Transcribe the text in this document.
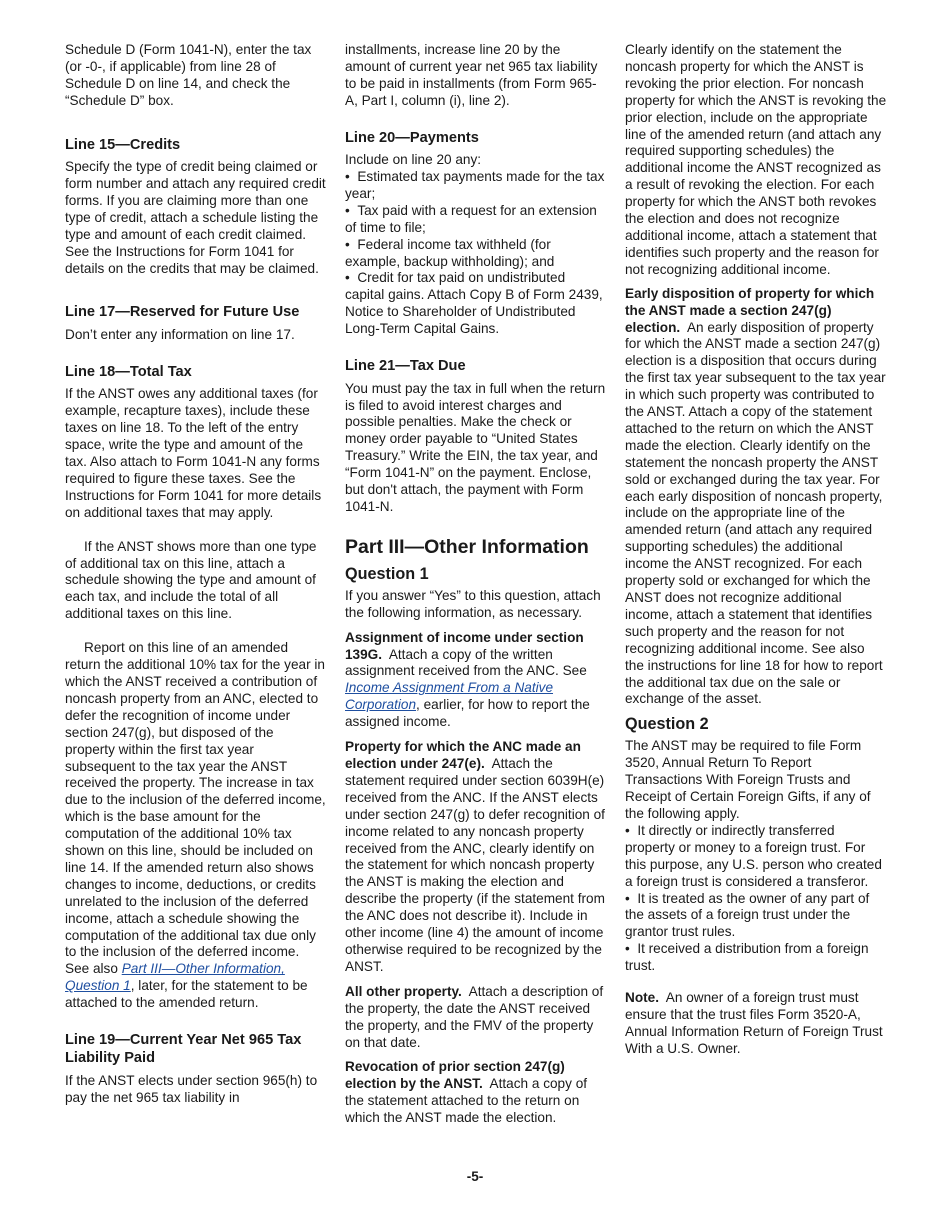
Schedule D (Form 1041-N), enter the tax (or -0-, if applicable) from line 28 of Schedule D on line 14, and check the “Schedule D” box.

Line 15—Credits

Specify the type of credit being claimed or form number and attach any required credit forms. If you are claiming more than one type of credit, attach a schedule listing the type and amount of each credit claimed. See the Instructions for Form 1041 for details on the credits that may be claimed.

Line 17—Reserved for Future Use

Don’t enter any information on line 17.

Line 18—Total Tax

If the ANST owes any additional taxes (for example, recapture taxes), include these taxes on line 18. To the left of the entry space, write the type and amount of the tax. Also attach to Form 1041-N any forms required to figure these taxes. See the Instructions for Form 1041 for more details on additional taxes that may apply.

If the ANST shows more than one type of additional tax on this line, attach a schedule showing the type and amount of each tax, and include the total of all additional taxes on this line.

Report on this line of an amended return the additional 10% tax for the year in which the ANST received a contribution of noncash property from an ANC, elected to defer the recognition of income under section 247(g), but disposed of the property within the first tax year subsequent to the tax year the ANST received the property. The increase in tax due to the inclusion of the deferred income, which is the base amount for the computation of the additional 10% tax shown on this line, should be included on line 14. If the amended return also shows changes to income, deductions, or credits unrelated to the inclusion of the deferred income, attach a schedule showing the computation of the additional tax due only to the inclusion of the deferred income. See also Part III—Other Information, Question 1, later, for the statement to be attached to the amended return.

Line 19—Current Year Net 965 Tax Liability Paid

If the ANST elects under section 965(h) to pay the net 965 tax liability in

installments, increase line 20 by the amount of current year net 965 tax liability to be paid in installments (from Form 965-A, Part I, column (i), line 2).

Line 20—Payments

Include on line 20 any:

•  Estimated tax payments made for the tax year;
•  Tax paid with a request for an extension of time to file;
•  Federal income tax withheld (for example, backup withholding); and
•  Credit for tax paid on undistributed capital gains. Attach Copy B of Form 2439, Notice to Shareholder of Undistributed Long-Term Capital Gains.
Line 21—Tax Due

You must pay the tax in full when the return is filed to avoid interest charges and possible penalties. Make the check or money order payable to “United States Treasury.” Write the EIN, the tax year, and “Form 1041-N” on the payment. Enclose, but don't attach, the payment with Form 1041-N.

Part III—Other Information
Question 1

If you answer “Yes” to this question, attach the following information, as necessary.

Assignment of income under section 139G. Attach a copy of the written assignment received from the ANC. See Income Assignment From a Native Corporation, earlier, for how to report the assigned income.

Property for which the ANC made an election under 247(e). Attach the statement required under section 6039H(e) received from the ANC. If the ANST elects under section 247(g) to defer recognition of income related to any noncash property received from the ANC, clearly identify on the statement for which noncash property the ANST is making the election and describe the property (if the statement from the ANC does not describe it). Include in other income (line 4) the amount of income otherwise required to be recognized by the ANST.

All other property. Attach a description of the property, the date the ANST received the property, and the FMV of the property on that date.

Revocation of prior section 247(g) election by the ANST. Attach a copy of the statement attached to the return on which the ANST made the election.

Clearly identify on the statement the noncash property for which the ANST is revoking the prior election. For noncash property for which the ANST is revoking the prior election, include on the appropriate line of the amended return (and attach any required supporting schedules) the additional income the ANST recognized as a result of revoking the election. For each property for which the ANST both revokes the election and does not recognize additional income, attach a statement that identifies such property and the reason for not recognizing additional income.

Early disposition of property for which the ANST made a section 247(g) election. An early disposition of property for which the ANST made a section 247(g) election is a disposition that occurs during the first tax year subsequent to the tax year in which such property was contributed to the ANST. Attach a copy of the statement attached to the return on which the ANST made the election. Clearly identify on the statement the noncash property the ANST sold or exchanged during the tax year. For each early disposition of noncash property, include on the appropriate line of the amended return (and attach any required supporting schedules) the additional income the ANST recognized. For each property sold or exchanged for which the ANST does not recognize additional income, attach a statement that identifies such property and the reason for not recognizing additional income. See also the instructions for line 18 for how to report the additional tax due on the sale or exchange of the asset.

Question 2

The ANST may be required to file Form 3520, Annual Return To Report Transactions With Foreign Trusts and Receipt of Certain Foreign Gifts, if any of the following apply.

•  It directly or indirectly transferred property or money to a foreign trust. For this purpose, any U.S. person who created a foreign trust is considered a transferor.
•  It is treated as the owner of any part of the assets of a foreign trust under the grantor trust rules.
•  It received a distribution from a foreign trust.

Note. An owner of a foreign trust must ensure that the trust files Form 3520-A, Annual Information Return of Foreign Trust With a U.S. Owner.

-5-
